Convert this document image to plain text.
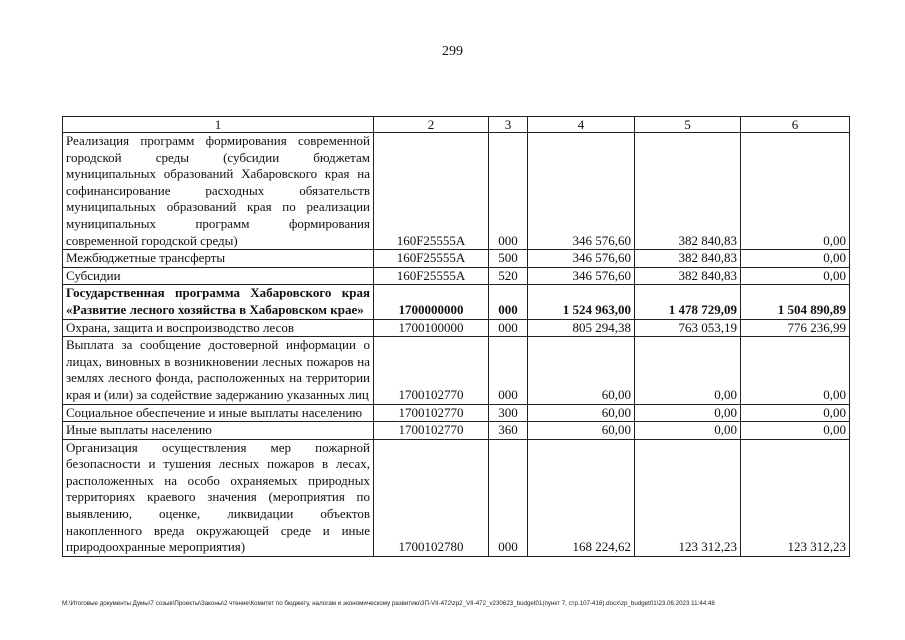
299
1	2	3	4	5	6
Реализация программ формирования современной городской среды (субсидии бюджетам муниципальных образований Хабаровского края на софинансирование расходных обязательств муниципальных образований края по реализации муниципальных программ формирования современной городской среды)	160F25555A	000	346 576,60	382 840,83	0,00
Межбюджетные трансферты	160F25555A	500	346 576,60	382 840,83	0,00
Субсидии	160F25555A	520	346 576,60	382 840,83	0,00
Государственная программа Хабаровского края «Развитие лесного хозяйства в Хабаровском крае»	1700000000	000	1 524 963,00	1 478 729,09	1 504 890,89
Охрана, защита и воспроизводство лесов	1700100000	000	805 294,38	763 053,19	776 236,99
Выплата за сообщение достоверной информации о лицах, виновных в возникновении лесных пожаров на землях лесного фонда, расположенных на территории края и (или) за содействие задержанию указанных лиц	1700102770	000	60,00	0,00	0,00
Социальное обеспечение и иные выплаты населению	1700102770	300	60,00	0,00	0,00
Иные выплаты населению	1700102770	360	60,00	0,00	0,00
Организация осуществления мер пожарной безопасности и тушения лесных пожаров в лесах, расположенных на особо охраняемых природных территориях краевого значения (мероприятия по выявлению, оценке, ликвидации объектов накопленного вреда окружающей среде и иные природоохранные мероприятия)	1700102780	000	168 224,62	123 312,23	123 312,23
M:\Итоговые документы Думы\7 созыв\Проекты\Законы\2 чтение\Комитет по бюджету, налогам и экономическому развитию\3П-VII-472\zp2_VII-472_v230623_budget01(пункт 7, стр.107-416).docx\zp_budget01\23.06.2023 11:44:48
